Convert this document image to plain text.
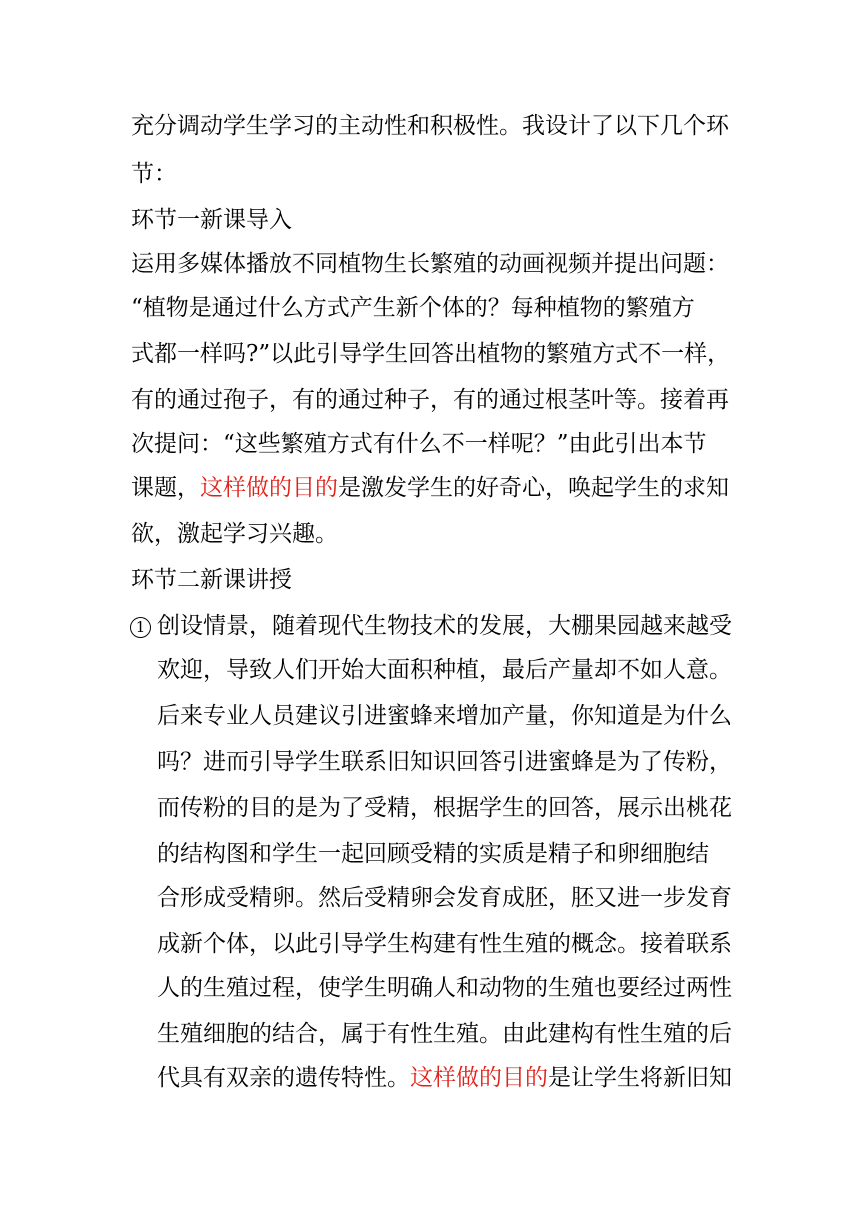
充分调动学生学习的主动性和积极性。我设计了以下几个环
节：
环节一新课导入
运用多媒体播放不同植物生长繁殖的动画视频并提出问题：
“植物是通过什么方式产生新个体的？每种植物的繁殖方
式都一样吗?”以此引导学生回答出植物的繁殖方式不一样，
有的通过孢子，有的通过种子，有的通过根茎叶等。接着再
次提问：“这些繁殖方式有什么不一样呢？”由此引出本节
课题，这样做的目的是激发学生的好奇心，唤起学生的求知
欲，激起学习兴趣。
环节二新课讲授
1 创设情景，随着现代生物技术的发展，大棚果园越来越受
欢迎，导致人们开始大面积种植，最后产量却不如人意。
后来专业人员建议引进蜜蜂来增加产量，你知道是为什么
吗？进而引导学生联系旧知识回答引进蜜蜂是为了传粉，
而传粉的目的是为了受精，根据学生的回答，展示出桃花
的结构图和学生一起回顾受精的实质是精子和卵细胞结
合形成受精卵。然后受精卵会发育成胚，胚又进一步发育
成新个体，以此引导学生构建有性生殖的概念。接着联系
人的生殖过程，使学生明确人和动物的生殖也要经过两性
生殖细胞的结合，属于有性生殖。由此建构有性生殖的后
代具有双亲的遗传特性。这样做的目的是让学生将新旧知
